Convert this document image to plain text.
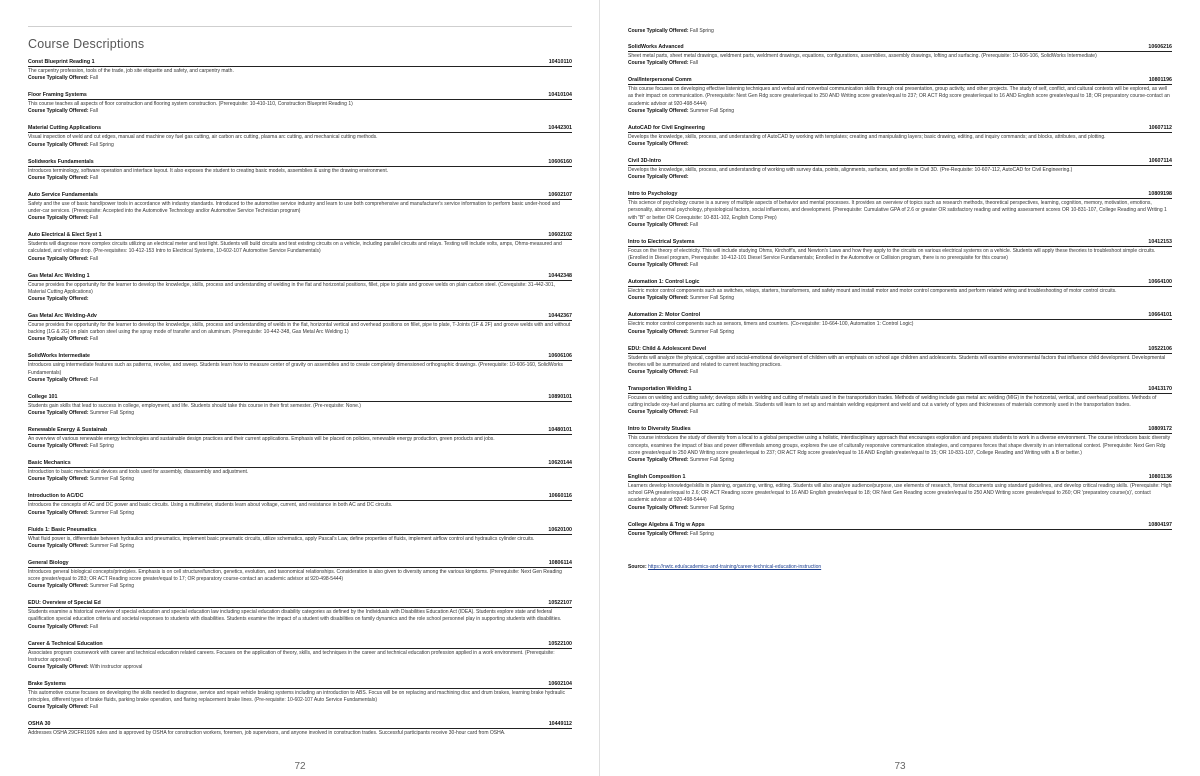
Course Descriptions
Const Blueprint Reading 1	10410110
The carpentry profession, tools of the trade, job site etiquette and safety, and carpentry math.
Course Typically Offered: Fall
Floor Framing Systems	10410104
This course teaches all aspects of floor construction and flooring system construction. (Prerequisite: 10-410-110, Construction Blueprint Reading 1)
Course Typically Offered: Fall
Material Cutting Applications	10442301
Visual inspection of weld and cut edges, manual and machine oxy fuel gas cutting, air carbon arc cutting, plasma arc cutting, and mechanical cutting methods.
Course Typically Offered: Fall Spring
Solidworks Fundamentals	10606160
Introduces terminology, software operation and interface layout. It also exposes the student to creating basic models, assemblies & using the drawing environment.
Course Typically Offered: Fall
Auto Service Fundamentals	10602107
Safety and the use of basic hand/power tools in accordance with industry standards. Introduced to the automotive service industry and learn to use both comprehensive and manufacturer's service information to perform basic under-hood and under-car services. (Prerequisite: Accepted into the Automotive Technology and/or Automotive Service Technician program)
Course Typically Offered: Fall
Auto Electrical & Elect Syst 1	10602102
Students will diagnose more complex circuits utilizing an electrical meter and test light. Students will build circuits and test existing circuits on a vehicle, including parallel circuits and relays. Testing will include volts, amps, Ohms-measured and calculated, and voltage drop. (Pre-requisites: 10-412-153 Intro to Electrical Systems, 10-602-107 Automotive Service Fundamentals)
Course Typically Offered: Fall
Gas Metal Arc Welding 1	10442348
Course provides the opportunity for the learner to develop the knowledge, skills, process and understanding of welding in the flat and horizontal positions, fillet, pipe to plate and groove welds on plain carbon steel. (Corequisite: 31-442-301, Material Cutting Applications)
Course Typically Offered:
Gas Metal Arc Welding-Adv	10442367
Course provides the opportunity for the learner to develop the knowledge, skills, process and understanding of welds in the flat, horizontal vertical and overhead positions on fillet, pipe to plate, T-Joints (1F & 2F) and groove welds with and without backing (1G & 2G) on plain carbon steel using the spray mode of transfer and on aluminum. (Prerequisite: 10-442-348, Gas Metal Arc Welding 1)
Course Typically Offered: Fall
SolidWorks Intermediate	10606106
Introduces using intermediate features such as patterns, revolve, and sweep. Students learn how to measure center of gravity on assemblies and to create completely dimensioned orthographic drawings. (Prerequisite: 10-606-160, SolidWorks Fundamentals)
Course Typically Offered: Fall
College 101	10890101
Students gain skills that lead to success in college, employment, and life. Students should take this course in their first semester. (Pre-requisite: None.)
Course Typically Offered: Summer Fall Spring
Renewable Energy & Sustainab	10480101
An overview of various renewable energy technologies and sustainable design practices and their current applications. Emphasis will be placed on policies, renewable energy production, green products and jobs.
Course Typically Offered: Fall Spring
Basic Mechanics	10620144
Introduction to basic mechanical devices and tools used for assembly, disassembly and adjustment.
Course Typically Offered: Summer Fall Spring
Introduction to AC/DC	10660116
Introduces the concepts of AC and DC power and basic circuits. Using a multimeter, students learn about voltage, current, and resistance in both AC and DC circuits.
Course Typically Offered: Summer Fall Spring
Fluids 1: Basic Pneumatics	10620100
What fluid power is, differentiate between hydraulics and pneumatics, implement basic pneumatic circuits, utilize schematics, apply Pascal's Law, define properties of fluids, implement airflow control and hydraulics cylinder circuits.
Course Typically Offered: Summer Fall Spring
General Biology	10806114
Introduces general biological concepts/principles. Emphasis is on cell structure/function, genetics, evolution, and taxonomical relationships. Consideration is also given to diversity among the various kingdoms. (Prerequisite: Next Gen Reading score greater/equal to 283; OR ACT Reading score greater/equal to 17; OR preparatory course-contact an academic advisor at 920-498-5444)
Course Typically Offered: Summer Fall Spring
EDU: Overview of Special Ed	10522107
Students examine a historical overview of special education and special education law including special education disability categories as defined by the Individuals with Disabilities Education Act (IDEA). Students explore state and federal qualification special education criteria and societal responses to students with disabilities. Students examine the impact of a student with disabilities on family dynamics and the role school personnel play in supporting students with disabilities.
Course Typically Offered: Fall
Career & Technical Education	10522100
Associates program coursework with career and technical education related careers. Focuses on the application of theory, skills, and techniques in the career and technical education profession applied in a work environment. (Prerequisite: Instructor approval)
Course Typically Offered: With instructor approval
Brake Systems	10602104
This automotive course focuses on developing the skills needed to diagnose, service and repair vehicle braking systems including an introduction to ABS. Focus will be on replacing and machining disc and drum brakes, learning brake hydraulic principles, different types of brake fluids, parking brake operation, and flaring replacement brake lines. (Pre-requisite: 10-602-107 Auto Service Fundamentals)
Course Typically Offered: Fall
OSHA 30	10449112
Addresses OSHA 29CFR1926 rules and is approved by OSHA for construction workers, foremen, job supervisors, and anyone involved in construction trades. Successful participants receive 30-hour card from OSHA.
72
Course Typically Offered: Fall Spring
SolidWorks Advanced	10606216
Sheet metal parts, sheet metal drawings, weldment parts, weldment drawings, equations, configurations, assemblies, assembly drawings, lofting and surfacing. (Prerequisite: 10-606-106, SolidWorks Intermediate)
Course Typically Offered: Fall
Oral/Interpersonal Comm	10801196
This course focuses on developing effective listening techniques and verbal and nonverbal communication skills through oral presentation, group activity, and other projects. The study of self, conflict, and cultural contexts will be explored, as well as their impact on communication. (Prerequisite: Next Gen Rdg score greater/equal to 250 AND Writing score greater/equal to 237; OR ACT Rdg score greater/equal to 16 AND English score greater/equal to 18; OR preparatory course-contact an academic advisor at 920-498-5444)
Course Typically Offered: Summer Fall Spring
AutoCAD for Civil Engineering	10607112
Develops the knowledge, skills, process, and understanding of AutoCAD by working with templates; creating and manipulating layers; basic drawing, editing, and inquiry commands; and blocks, attributes, and plotting.
Course Typically Offered:
Civil 3D-Intro	10607114
Develops the knowledge, skills, process, and understanding of working with survey data, points, alignments, surfaces, and profile in Civil 3D. (Pre-Requisite: 10-607-112, AutoCAD for Civil Engineering.)
Course Typically Offered:
Intro to Psychology	10809198
This science of psychology course is a survey of multiple aspects of behavior and mental processes. It provides an overview of topics such as research methods, theoretical perspectives, learning, cognition, memory, motivation, emotions, personality, abnormal psychology, physiological factors, social influences, and development. (Prerequisite: Cumulative GPA of 2.6 or greater OR satisfactory reading and writing assessment scores OR 10-831-107, College Reading and Writing 1 with "B" or better OR Corequisite: 10-831-102, English Comp Prep)
Course Typically Offered: Fall
Intro to Electrical Systems	10412153
Focus on the theory of electricity. This will include studying Ohms, Kirchoff's, and Newton's Laws and how they apply to the circuits on various electrical systems on a vehicle. Students will apply these theories to troubleshoot simple circuits. (Enrolled in Diesel program, Prerequisite: 10-412-101 Diesel Service Fundamentals; Enrolled in the Automotive or Collision program, there is no prerequisite for this course)
Course Typically Offered: Fall
Automation 1: Control Logic	10664100
Electric motor control components such as switches, relays, starters, transformers, and safety mount and install motor and motor control components and perform related wiring and troubleshooting of motor control circuits.
Course Typically Offered: Summer Fall Spring
Automation 2: Motor Control	10664101
Electric motor control components such as sensors, timers and counters. (Co-requisite: 10-664-100, Automation 1: Control Logic)
Course Typically Offered: Summer Fall Spring
EDU: Child & Adolescent Devel	10522106
Students will analyze the physical, cognitive and social-emotional development of children with an emphasis on school age children and adolescents. Students will examine environmental factors that influence child development. Developmental theories will be summarized and related to current teaching practices.
Course Typically Offered: Fall
Transportation Welding 1	10413170
Focuses on welding and cutting safety; develops skills in welding and cutting of metals used in the transportation trades. Methods of welding include gas metal arc welding (MIG) in the horizontal, vertical, and overhead positions. Methods of cutting include oxy-fuel and plasma arc cutting of metals. Students will learn to set up and maintain welding equipment and weld and cut a variety of types and thicknesses of materials commonly used in the transportation trades.
Course Typically Offered: Fall
Intro to Diversity Studies	10809172
This course introduces the study of diversity from a local to a global perspective using a holistic, interdisciplinary approach that encourages exploration and prepares students to work in a diverse environment. The course introduces basic diversity concepts, examines the impact of bias and power differentials among groups, explores the use of culturally responsive communication strategies, and compares forces that shape diversity in an international context. (Prerequisite: Next Gen Rdg score greater/equal to 250 AND Writing score greater/equal to 237; OR ACT Rdg score greater/equal to 16 AND English greater/equal to 15; OR 10-831-107, College Reading and Writing with a B or better.)
Course Typically Offered: Summer Fall Spring
English Composition 1	10801136
Learners develop knowledge/skills in planning, organizing, writing, editing. Students will also analyze audience/purpose, use elements of research, format documents using standard guidelines, and develop critical reading skills. (Prerequisite: High school GPA greater/equal to 2.6; OR ACT Reading score greater/equal to 16 AND English greater/equal to 18; OR Next Gen Reading score greater/equal to 250 AND Writing score greater/equal to 260; OR 'preparatory course(s)', contact academic advisor at 920-498-5444)
Course Typically Offered: Summer Fall Spring
College Algebra & Trig w Apps	10804197
Course Typically Offered: Fall Spring
Source: https://nwtc.edu/academics-and-training/career-technical-education-instruction
73
